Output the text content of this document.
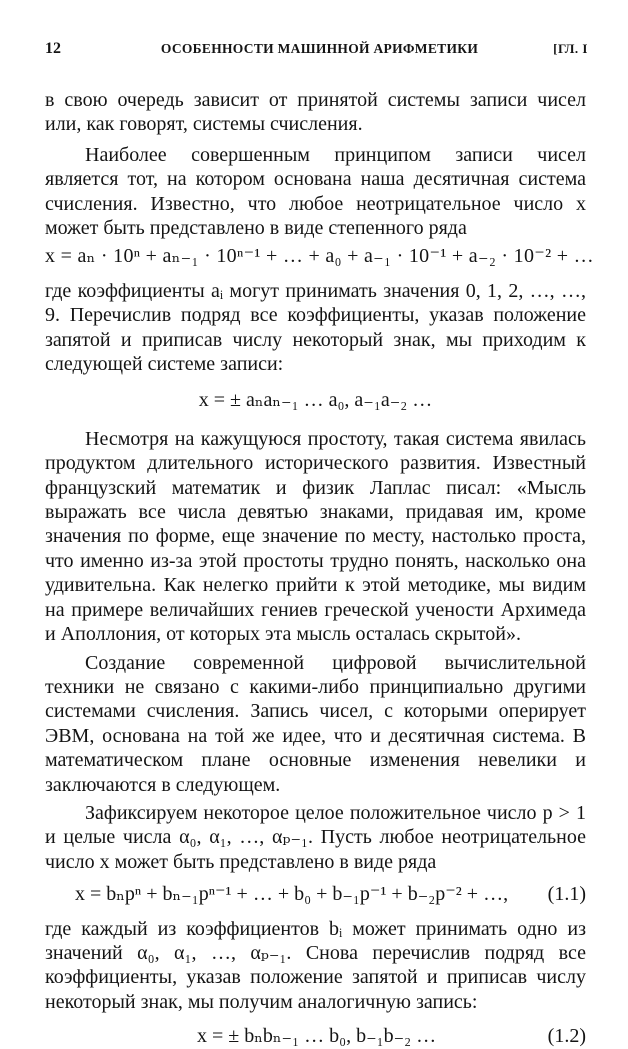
12	ОСОБЕННОСТИ МАШИННОЙ АРИФМЕТИКИ	[ГЛ. I

в свою очередь зависит от принятой системы записи чисел или, как говорят, системы счисления.

Наиболее совершенным принципом записи чисел является тот, на котором основана наша десятичная система счисления. Известно, что любое неотрицательное число x может быть представлено в виде степенного ряда

x = aₙ · 10ⁿ + aₙ₋₁ · 10ⁿ⁻¹ + … + a₀ + a₋₁ · 10⁻¹ + a₋₂ · 10⁻² + …

где коэффициенты aᵢ могут принимать значения 0, 1, 2, …, …, 9. Перечислив подряд все коэффициенты, указав положение запятой и приписав числу некоторый знак, мы приходим к следующей системе записи:

x = ± aₙaₙ₋₁ … a₀, a₋₁a₋₂ …

Несмотря на кажущуюся простоту, такая система явилась продуктом длительного исторического развития. Известный французский математик и физик Лаплас писал: «Мысль выражать все числа девятью знаками, придавая им, кроме значения по форме, еще значение по месту, настолько проста, что именно из-за этой простоты трудно понять, насколько она удивительна. Как нелегко прийти к этой методике, мы видим на примере величайших гениев греческой учености Архимеда и Аполлония, от которых эта мысль осталась скрытой».

Создание современной цифровой вычислительной техники не связано с какими-либо принципиально другими системами счисления. Запись чисел, с которыми оперирует ЭВМ, основана на той же идее, что и десятичная система. В математическом плане основные изменения невелики и заключаются в следующем.

Зафиксируем некоторое целое положительное число p > 1 и целые числа α₀, α₁, …, αₚ₋₁. Пусть любое неотрицательное число x может быть представлено в виде ряда

x = bₙpⁿ + bₙ₋₁pⁿ⁻¹ + … + b₀ + b₋₁p⁻¹ + b₋₂p⁻² + …, (1.1)

где каждый из коэффициентов bᵢ может принимать одно из значений α₀, α₁, …, αₚ₋₁. Снова перечислив подряд все коэффициенты, указав положение запятой и приписав числу некоторый знак, мы получим аналогичную запись:

x = ± bₙbₙ₋₁ … b₀, b₋₁b₋₂ …	(1.2)
